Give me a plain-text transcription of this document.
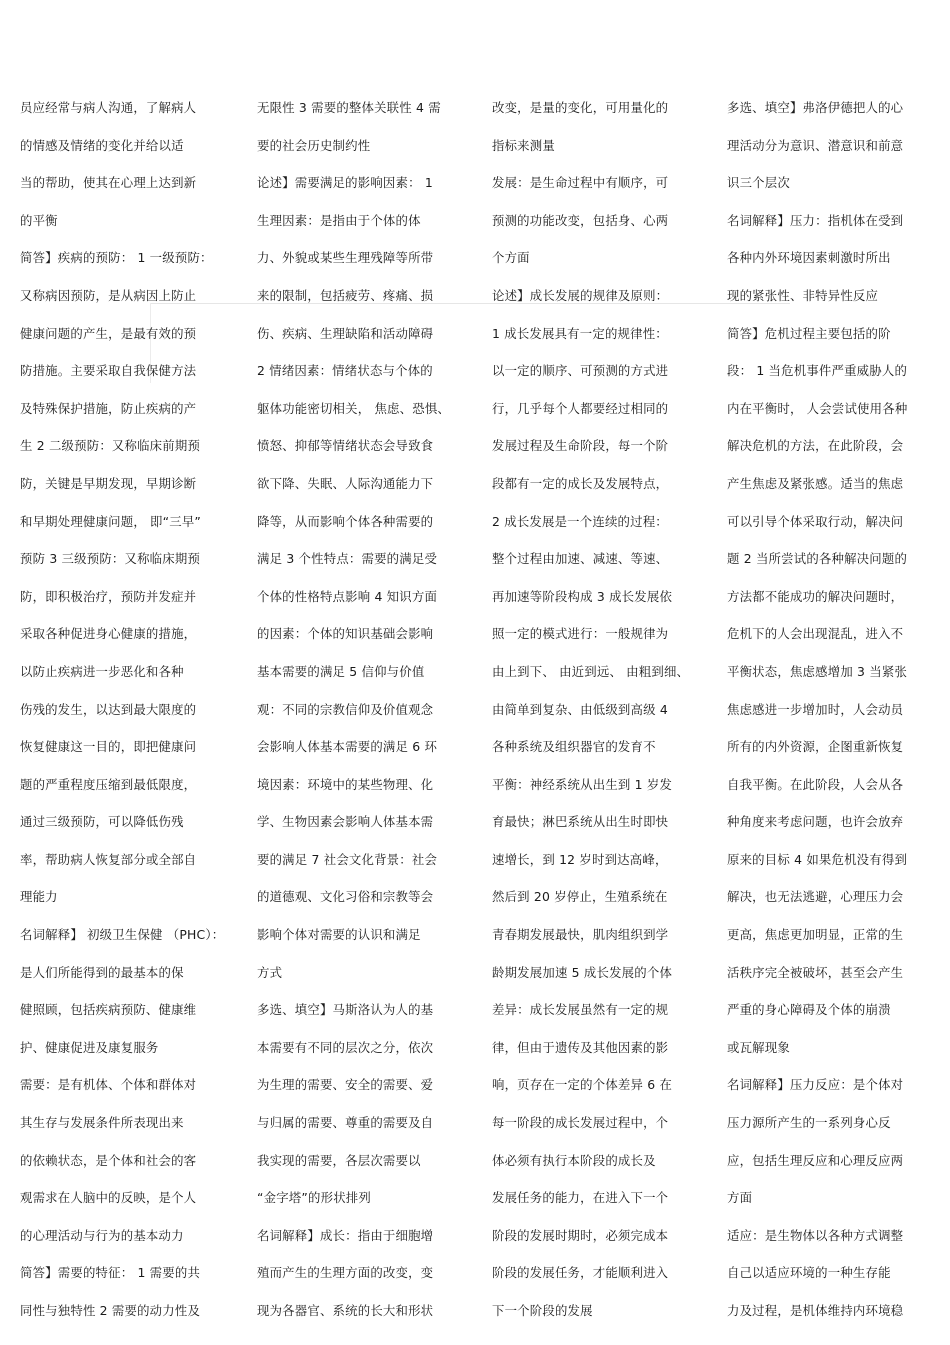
员应经常与病人沟通，了解病人
的情感及情绪的变化并给以适
当的帮助，使其在心理上达到新
的平衡
简答】疾病的预防： 1 一级预防：
又称病因预防，是从病因上防止
健康问题的产生，是最有效的预
防措施。主要采取自我保健方法
及特殊保护措施，防止疾病的产
生 2 二级预防：又称临床前期预
防，关键是早期发现，早期诊断
和早期处理健康问题， 即“三早”
预防 3 三级预防：又称临床期预
防，即积极治疗，预防并发症并
采取各种促进身心健康的措施，
以防止疾病进一步恶化和各种
伤残的发生，以达到最大限度的
恢复健康这一目的，即把健康问
题的严重程度压缩到最低限度，
通过三级预防，可以降低伤残
率，帮助病人恢复部分或全部自
理能力
名词解释】 初级卫生保健 （PHC）：
是人们所能得到的最基本的保
健照顾，包括疾病预防、健康维
护、健康促进及康复服务
需要：是有机体、个体和群体对
其生存与发展条件所表现出来
的依赖状态，是个体和社会的客
观需求在人脑中的反映，是个人
的心理活动与行为的基本动力
简答】需要的特征： 1 需要的共
同性与独特性 2 需要的动力性及
无限性 3 需要的整体关联性 4 需
要的社会历史制约性
论述】需要满足的影响因素： 1
生理因素：是指由于个体的体
力、外貌或某些生理残障等所带
来的限制，包括疲劳、疼痛、损
伤、疾病、生理缺陷和活动障碍
2 情绪因素：情绪状态与个体的
躯体功能密切相关， 焦虑、恐惧、
愤怒、抑郁等情绪状态会导致食
欲下降、失眠、人际沟通能力下
降等，从而影响个体各种需要的
满足 3 个性特点：需要的满足受
个体的性格特点影响 4 知识方面
的因素：个体的知识基础会影响
基本需要的满足 5 信仰与价值
观：不同的宗教信仰及价值观念
会影响人体基本需要的满足 6 环
境因素：环境中的某些物理、化
学、生物因素会影响人体基本需
要的满足 7 社会文化背景：社会
的道德观、文化习俗和宗教等会
影响个体对需要的认识和满足
方式
多选、填空】马斯洛认为人的基
本需要有不同的层次之分，依次
为生理的需要、安全的需要、爱
与归属的需要、尊重的需要及自
我实现的需要，各层次需要以
“金字塔”的形状排列
名词解释】成长：指由于细胞增
殖而产生的生理方面的改变，变
现为各器官、系统的长大和形状
改变，是量的变化，可用量化的
指标来测量
发展：是生命过程中有顺序，可
预测的功能改变，包括身、心两
个方面
论述】成长发展的规律及原则：
1 成长发展具有一定的规律性：
以一定的顺序、可预测的方式进
行，几乎每个人都要经过相同的
发展过程及生命阶段，每一个阶
段都有一定的成长及发展特点，
2 成长发展是一个连续的过程：
整个过程由加速、减速、等速、
再加速等阶段构成 3 成长发展依
照一定的模式进行：一般规律为
由上到下、 由近到远、 由粗到细、
由简单到复杂、由低级到高级 4
各种系统及组织器官的发育不
平衡：神经系统从出生到 1 岁发
育最快；淋巴系统从出生时即快
速增长，到 12 岁时到达高峰，
然后到 20 岁停止，生殖系统在
青春期发展最快，肌肉组织到学
龄期发展加速 5 成长发展的个体
差异：成长发展虽然有一定的规
律，但由于遗传及其他因素的影
响，页存在一定的个体差异 6 在
每一阶段的成长发展过程中，个
体必须有执行本阶段的成长及
发展任务的能力，在进入下一个
阶段的发展时期时，必须完成本
阶段的发展任务，才能顺利进入
下一个阶段的发展
多选、填空】弗洛伊德把人的心
理活动分为意识、潜意识和前意
识三个层次
名词解释】压力：指机体在受到
各种内外环境因素刺激时所出
现的紧张性、非特异性反应
简答】危机过程主要包括的阶
段： 1 当危机事件严重威胁人的
内在平衡时， 人会尝试使用各种
解决危机的方法，在此阶段，会
产生焦虑及紧张感。适当的焦虑
可以引导个体采取行动，解决问
题 2 当所尝试的各种解决问题的
方法都不能成功的解决问题时，
危机下的人会出现混乱，进入不
平衡状态，焦虑感增加 3 当紧张
焦虑感进一步增加时，人会动员
所有的内外资源，企图重新恢复
自我平衡。在此阶段，人会从各
种角度来考虑问题，也许会放弃
原来的目标 4 如果危机没有得到
解决，也无法逃避，心理压力会
更高，焦虑更加明显，正常的生
活秩序完全被破坏，甚至会产生
严重的身心障碍及个体的崩溃
或瓦解现象
名词解释】压力反应：是个体对
压力源所产生的一系列身心反
应，包括生理反应和心理反应两
方面
适应：是生物体以各种方式调整
自己以适应环境的一种生存能
力及过程，是机体维持内环境稳
